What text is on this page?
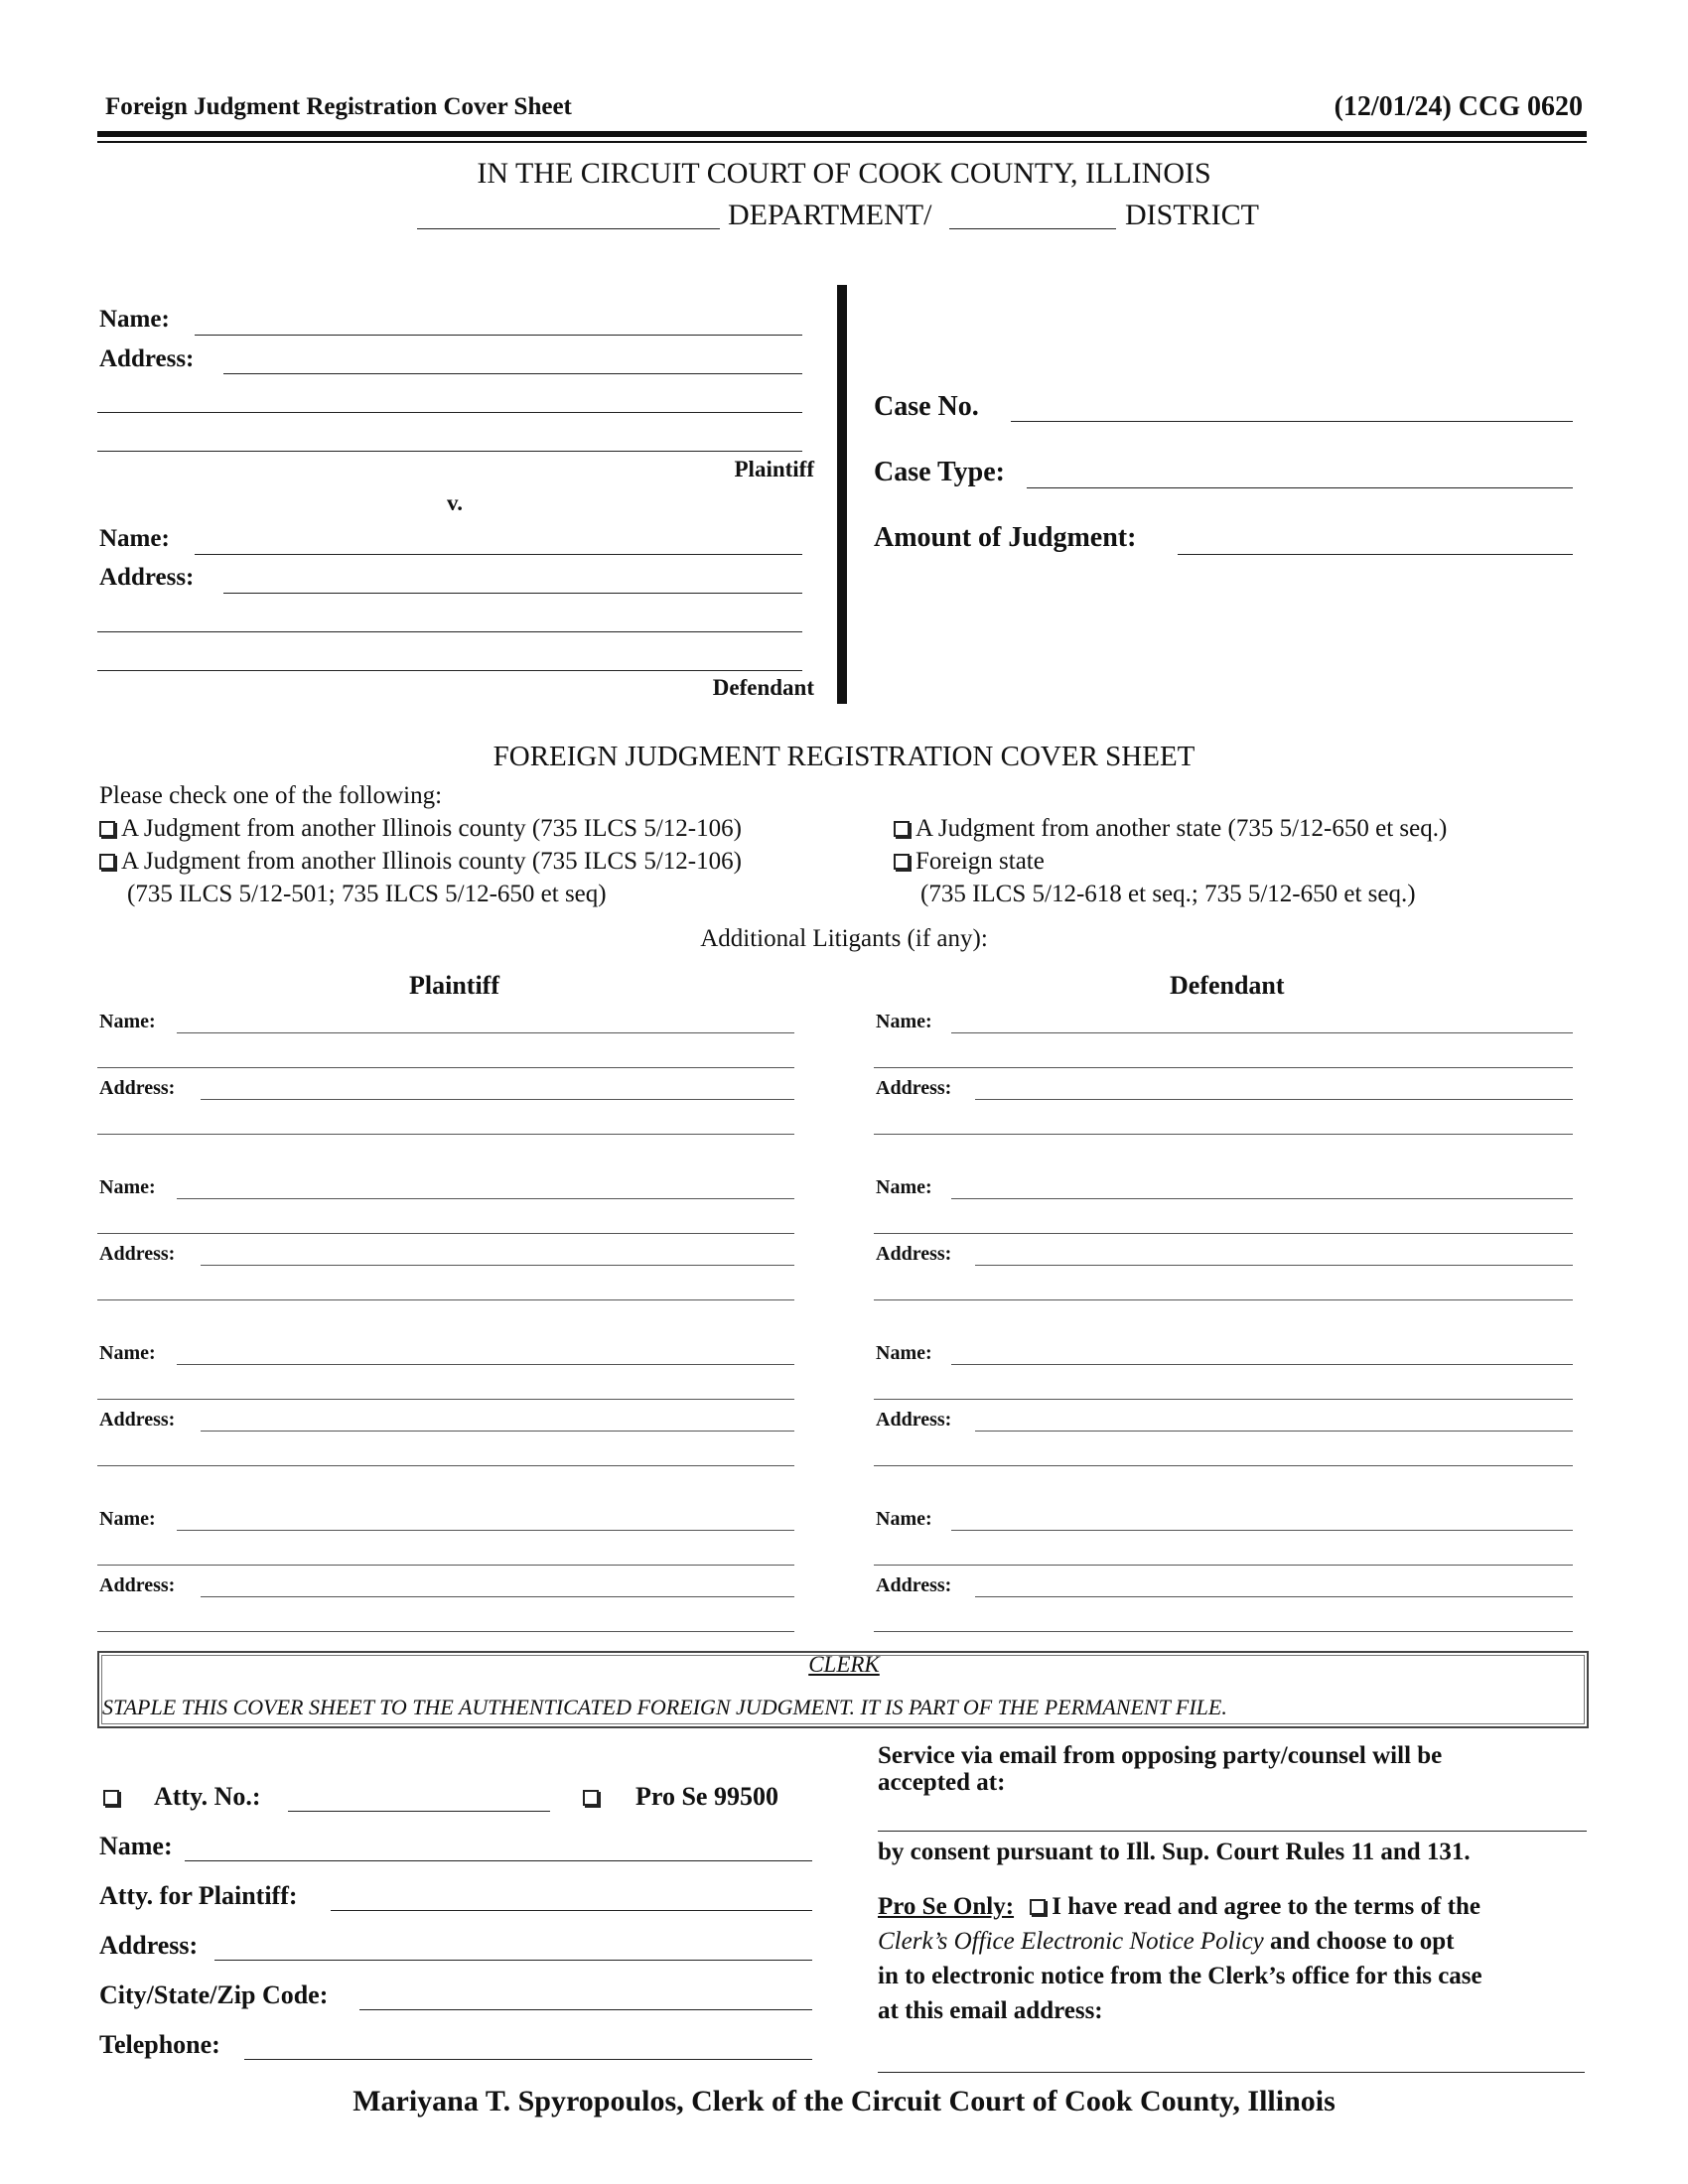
Foreign Judgment Registration Cover Sheet	(12/01/24) CCG 0620
IN THE CIRCUIT COURT OF COOK COUNTY, ILLINOIS
DEPARTMENT/	DISTRICT
Name:
Address:
Plaintiff
v.
Name:
Address:
Defendant
Case No.
Case Type:
Amount of Judgment:
FOREIGN JUDGMENT REGISTRATION COVER SHEET
Please check one of the following:
A Judgment from another Illinois county (735 ILCS 5/12-106)
A Judgment from another Illinois county (735 ILCS 5/12-106)
(735 ILCS 5/12-501; 735 ILCS 5/12-650 et seq)
A Judgment from another state (735 5/12-650 et seq.)
Foreign state
(735 ILCS 5/12-618 et seq.; 735 5/12-650 et seq.)
Additional Litigants (if any):
Plaintiff	Defendant
Name:
Address:
Name:
Address:
Name:
Address:
Name:
Address:
Name:
Address:
Name:
Address:
Name:
Address:
Name:
Address:
CLERK
STAPLE THIS COVER SHEET TO THE AUTHENTICATED FOREIGN JUDGMENT. IT IS PART OF THE PERMANENT FILE.
Atty. No.:	Pro Se 99500
Name:
Atty. for Plaintiff:
Address:
City/State/Zip Code:
Telephone:
Service via email from opposing party/counsel will be
accepted at:
by consent pursuant to Ill. Sup. Court Rules 11 and 131.
Pro Se Only: I have read and agree to the terms of the
Clerk’s Office Electronic Notice Policy and choose to opt
in to electronic notice from the Clerk’s office for this case
at this email address:
Mariyana T. Spyropoulos, Clerk of the Circuit Court of Cook County, Illinois
